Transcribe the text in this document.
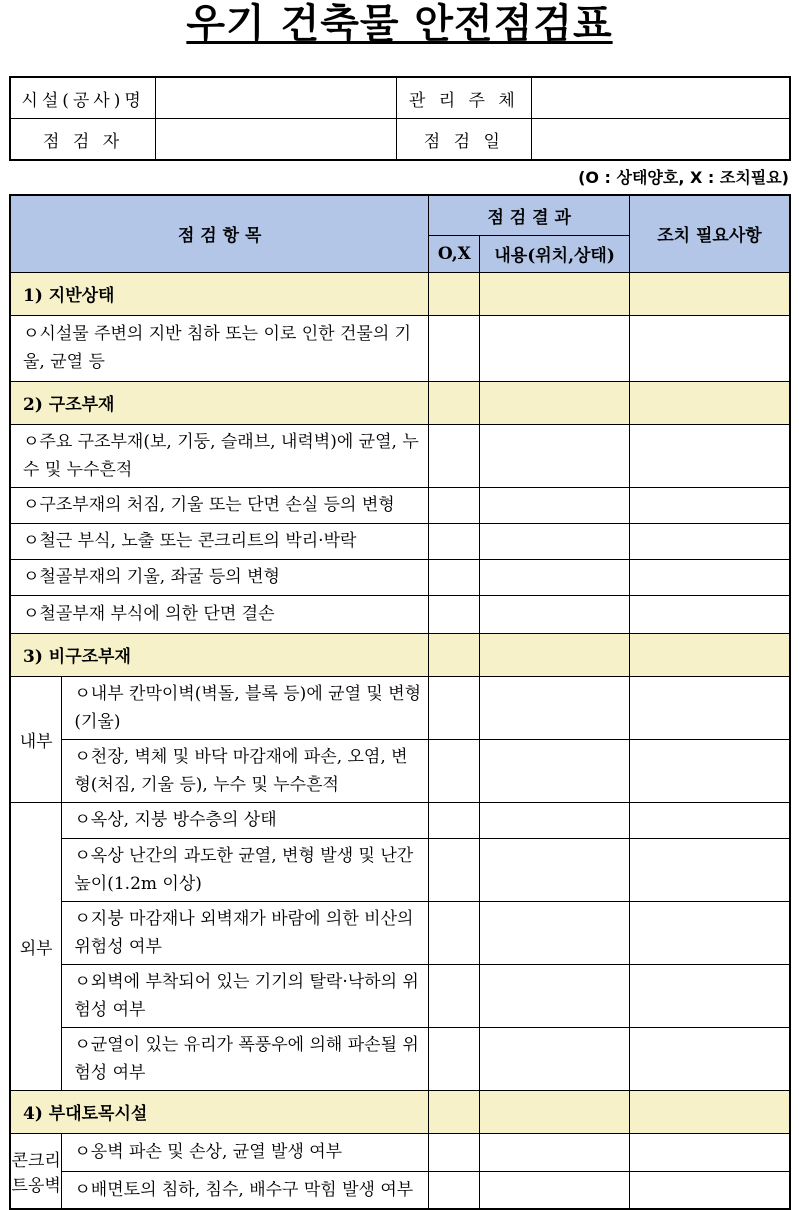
우기 건축물 안전점검표
시설(공사)명		관 리 주 체	
점 검 자		점 검 일	
(O : 상태양호, X : 조치필요)
점 검 항 목		점 검 결 과		조치 필요사항
		O,X	내용(위치,상태)	
1) 지반상태				
ㅇ시설물 주변의 지반 침하 또는 이로 인한 건물의 기울, 균열 등				
2) 구조부재				
ㅇ주요 구조부재(보, 기둥, 슬래브, 내력벽)에 균열, 누수 및 누수흔적				
ㅇ구조부재의 처짐, 기울 또는 단면 손실 등의 변형				
ㅇ철근 부식, 노출 또는 콘크리트의 박리·박락				
ㅇ철골부재의 기울, 좌굴 등의 변형				
ㅇ철골부재 부식에 의한 단면 결손				
3) 비구조부재				
내부	ㅇ내부 칸막이벽(벽돌, 블록 등)에 균열 및 변형(기울)			
	ㅇ천장, 벽체 및 바닥 마감재에 파손, 오염, 변형(처짐, 기울 등), 누수 및 누수흔적			
외부	ㅇ옥상, 지붕 방수층의 상태			
	ㅇ옥상 난간의 과도한 균열, 변형 발생 및 난간 높이(1.2m 이상)			
	ㅇ지붕 마감재나 외벽재가 바람에 의한 비산의 위험성 여부			
	ㅇ외벽에 부착되어 있는 기기의 탈락·낙하의 위험성 여부			
	ㅇ균열이 있는 유리가 폭풍우에 의해 파손될 위험성 여부			
4) 부대토목시설				
콘크리트옹벽	ㅇ옹벽 파손 및 손상, 균열 발생 여부			
	ㅇ배면토의 침하, 침수, 배수구 막힘 발생 여부			
